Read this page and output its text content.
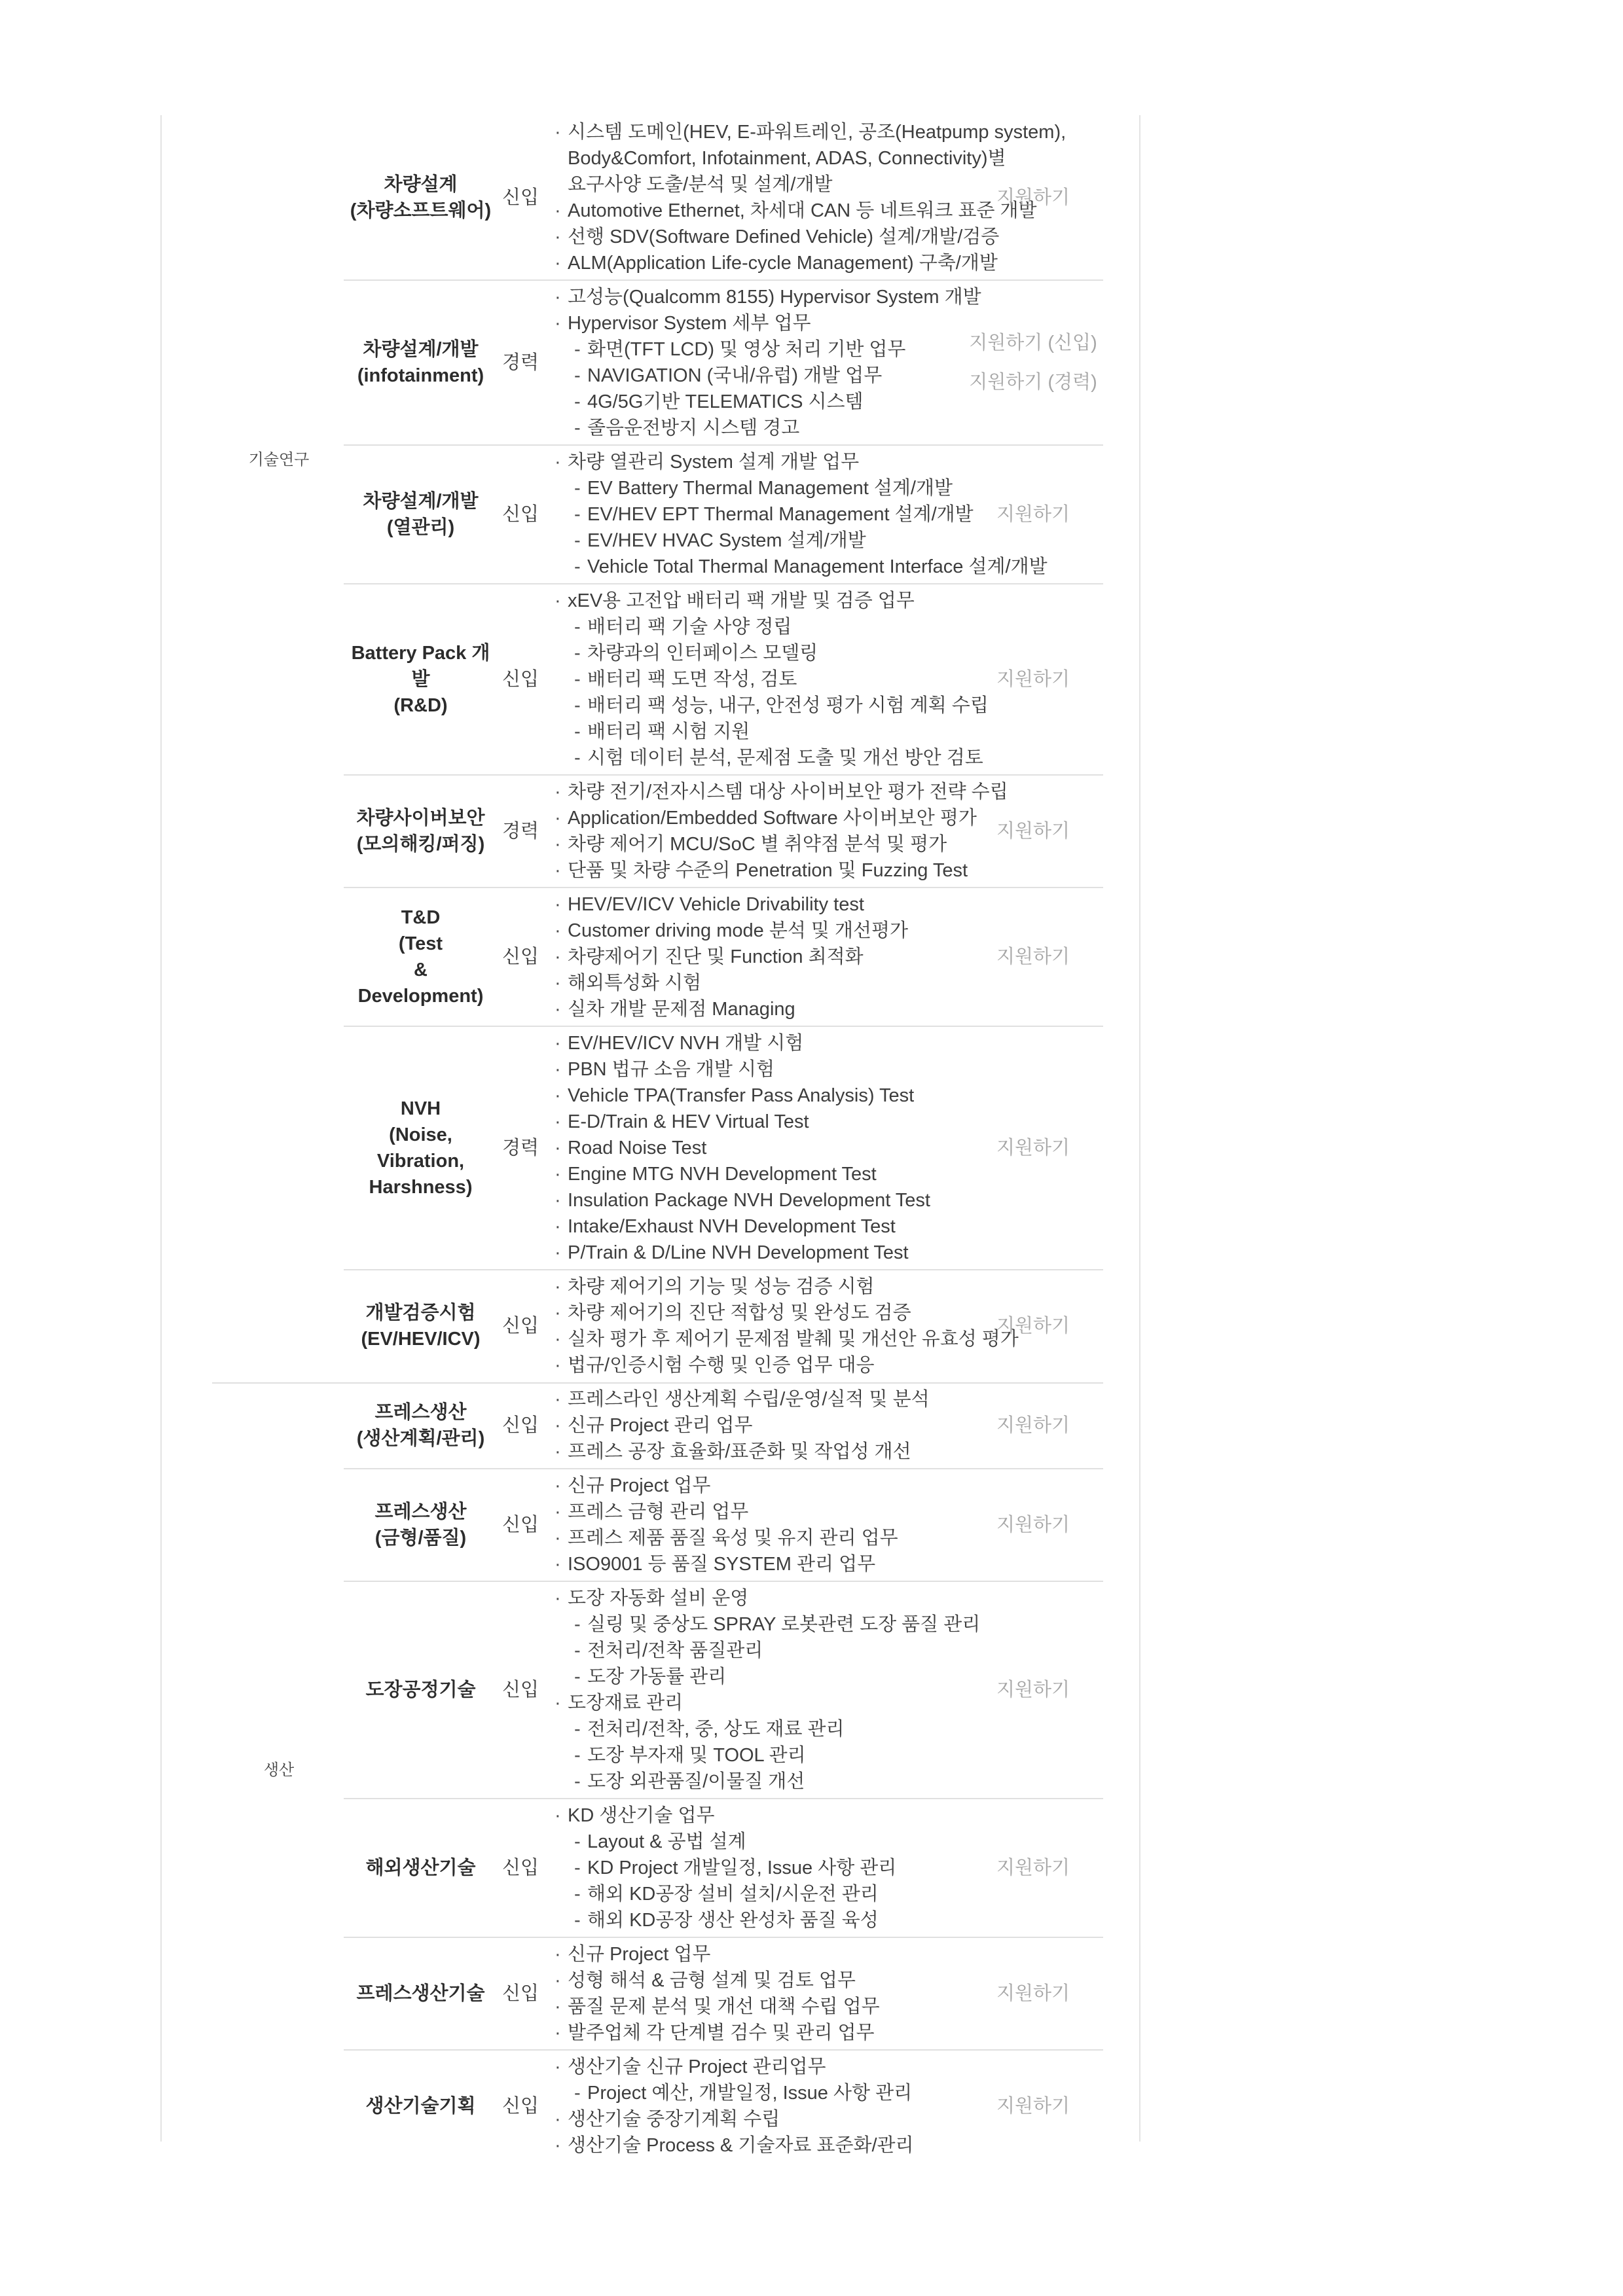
기술연구
차량설계
(차량소프트웨어)
신입
· 시스템 도메인(HEV, E-파워트레인, 공조(Heatpump system),
Body&Comfort, Infotainment, ADAS, Connectivity)별
요구사양 도출/분석 및 설계/개발
· Automotive Ethernet, 차세대 CAN 등 네트워크 표준 개발
· 선행 SDV(Software Defined Vehicle) 설계/개발/검증
· ALM(Application Life-cycle Management) 구축/개발
지원하기
차량설계/개발
(infotainment)
경력
· 고성능(Qualcomm 8155) Hypervisor System 개발
· Hypervisor System 세부 업무
- 화면(TFT LCD) 및 영상 처리 기반 업무
- NAVIGATION (국내/유럽) 개발 업무
- 4G/5G기반 TELEMATICS 시스템
- 졸음운전방지 시스템 경고
지원하기 (신입)
지원하기 (경력)
차량설계/개발
(열관리)
신입
· 차량 열관리 System 설계 개발 업무
- EV Battery Thermal Management 설계/개발
- EV/HEV EPT Thermal Management 설계/개발
- EV/HEV HVAC System 설계/개발
- Vehicle Total Thermal Management Interface 설계/개발
지원하기
Battery Pack 개발
(R&D)
신입
· xEV용 고전압 배터리 팩 개발 및 검증 업무
- 배터리 팩 기술 사양 정립
- 차량과의 인터페이스 모델링
- 배터리 팩 도면 작성, 검토
- 배터리 팩 성능, 내구, 안전성 평가 시험 계획 수립
- 배터리 팩 시험 지원
- 시험 데이터 분석, 문제점 도출 및 개선 방안 검토
지원하기
차량사이버보안
(모의해킹/퍼징)
경력
· 차량 전기/전자시스템 대상 사이버보안 평가 전략 수립
· Application/Embedded Software 사이버보안 평가
· 차량 제어기 MCU/SoC 별 취약점 분석 및 평가
· 단품 및 차량 수준의 Penetration 및 Fuzzing Test
지원하기
T&D
(Test
&
Development)
신입
· HEV/EV/ICV Vehicle Drivability test
· Customer driving mode 분석 및 개선평가
· 차량제어기 진단 및 Function 최적화
· 해외특성화 시험
· 실차 개발 문제점 Managing
지원하기
NVH
(Noise, Vibration,
Harshness)
경력
· EV/HEV/ICV NVH 개발 시험
· PBN 법규 소음 개발 시험
· Vehicle TPA(Transfer Pass Analysis) Test
· E-D/Train & HEV Virtual Test
· Road Noise Test
· Engine MTG NVH Development Test
· Insulation Package NVH Development Test
· Intake/Exhaust NVH Development Test
· P/Train & D/Line NVH Development Test
지원하기
개발검증시험
(EV/HEV/ICV)
신입
· 차량 제어기의 기능 및 성능 검증 시험
· 차량 제어기의 진단 적합성 및 완성도 검증
· 실차 평가 후 제어기 문제점 발췌 및 개선안 유효성 평가
· 법규/인증시험 수행 및 인증 업무 대응
지원하기
생산
프레스생산
(생산계획/관리)
신입
· 프레스라인 생산계획 수립/운영/실적 및 분석
· 신규 Project 관리 업무
· 프레스 공장 효율화/표준화 및 작업성 개선
지원하기
프레스생산
(금형/품질)
신입
· 신규 Project 업무
· 프레스 금형 관리 업무
· 프레스 제품 품질 육성 및 유지 관리 업무
· ISO9001 등 품질 SYSTEM 관리 업무
지원하기
도장공정기술	신입
· 도장 자동화 설비 운영
- 실링 및 중상도 SPRAY 로봇관련 도장 품질 관리
- 전처리/전착 품질관리
- 도장 가동률 관리
· 도장재료 관리
- 전처리/전착, 중, 상도 재료 관리
- 도장 부자재 및 TOOL 관리
- 도장 외관품질/이물질 개선
지원하기
해외생산기술	신입
· KD 생산기술 업무
- Layout & 공법 설계
- KD Project 개발일정, Issue 사항 관리
- 해외 KD공장 설비 설치/시운전 관리
- 해외 KD공장 생산 완성차 품질 육성
지원하기
프레스생산기술 신입
· 신규 Project 업무
· 성형 해석 & 금형 설계 및 검토 업무
· 품질 문제 분석 및 개선 대책 수립 업무
· 발주업체 각 단계별 검수 및 관리 업무
지원하기
생산기술기획	신입
· 생산기술 신규 Project 관리업무
- Project 예산, 개발일정, Issue 사항 관리
· 생산기술 중장기계획 수립
· 생산기술 Process & 기술자료 표준화/관리
지원하기
